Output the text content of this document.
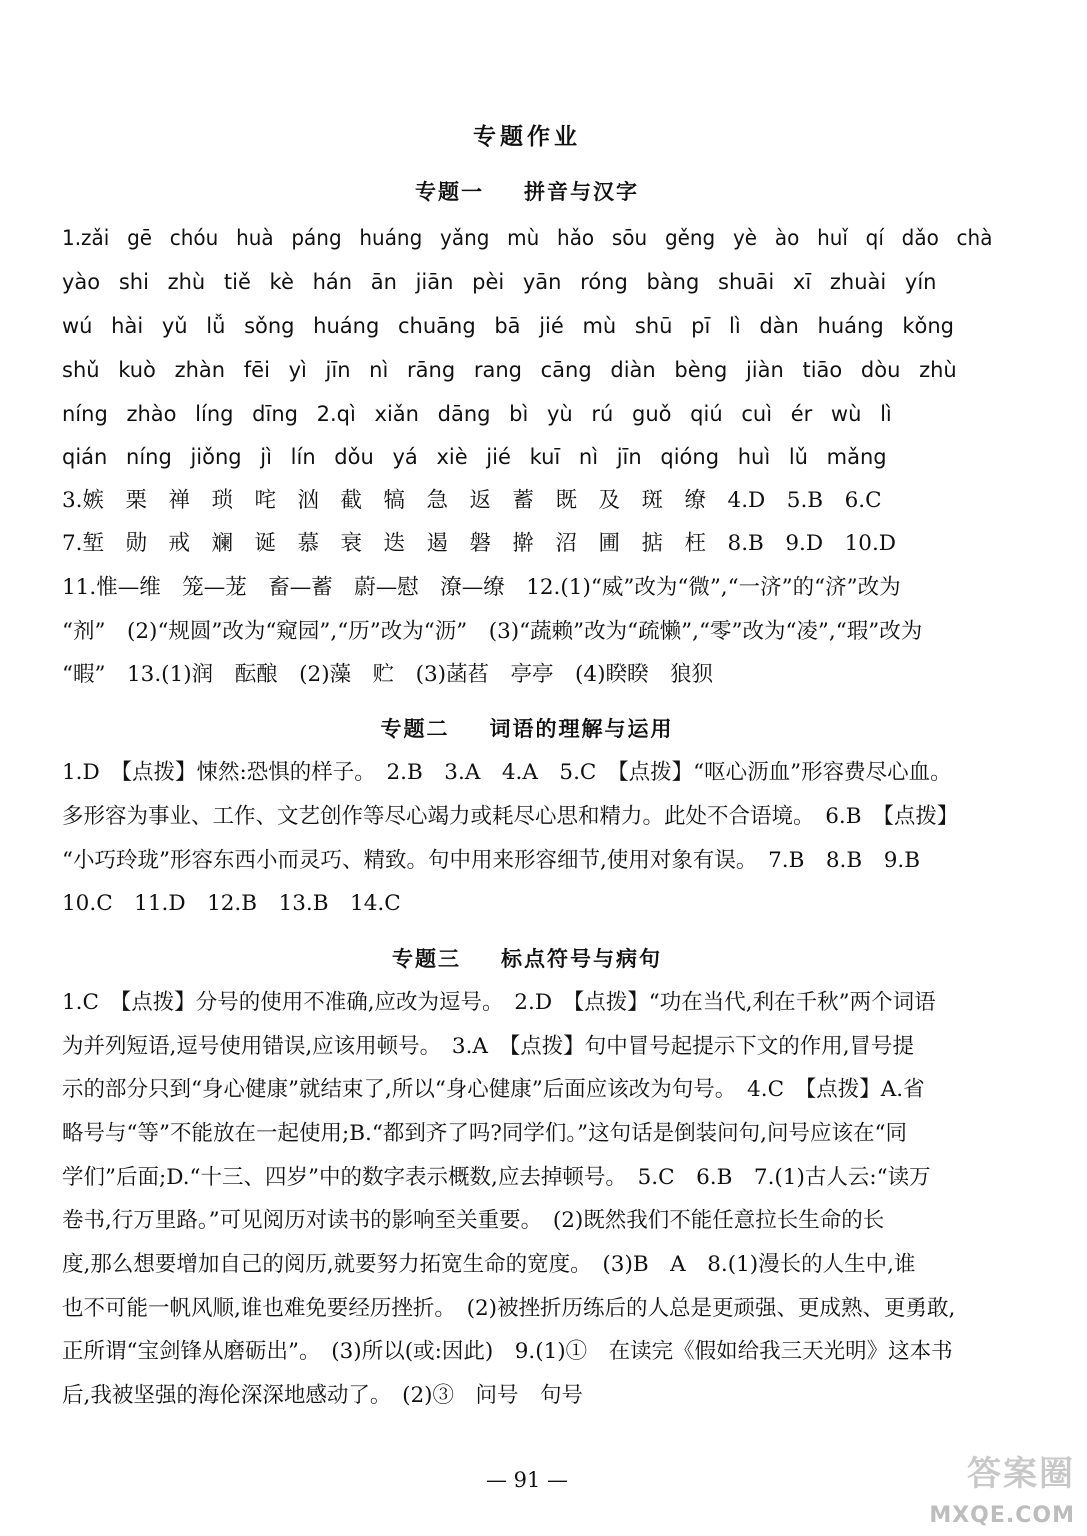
专题作业
专题一 拼音与汉字
1.zǎi gē chóu huà páng huáng yǎng mù hǎo sōu gěng yè ào huǐ qí dǎo chà
yào shi zhù tiě kè hán ān jiān pèi yān róng bàng shuāi xī zhuài yín
wú hài yǔ lǚ sǒng huáng chuāng bā jié mù shū pī lì dàn huáng kǒng
shǔ kuò zhàn fēi yì jīn nì rāng rang cāng diàn bèng jiàn tiāo dòu zhù
níng zhào líng dīng 2.qì xiǎn dāng bì yù rú guǒ qiú cuì ér wù lì
qián níng jiǒng jì lín dǒu yá xiè jié kuī nì jīn qióng huì lǔ mǎng
3.嫉　栗　禅　琐　咤　汹　截　犒　急　返　蓄　既　及　斑　缭　4.D　5.B　6.C
7.堑　勋　戒　斓　诞　慕　衰　迭　遏　磐　擀　沼　圃　掂　枉　8.B　9.D　10.D
11.惟—维　笼—茏　畜—蓄　蔚—慰　潦—缭　12.(1)“威”改为“微”,“一济”的“济”改为
“剂”　(2)“规圆”改为“窥园”,“历”改为“沥”　(3)“蔬赖”改为“疏懒”,“零”改为“凌”,“瑕”改为
“暇”　13.(1)润　酝酿　(2)藻　贮　(3)菡萏　亭亭　(4)睽睽　狼狈
专题二 词语的理解与运用
1.D　【点拨】悚然:恐惧的样子。　2.B　3.A　4.A　5.C　【点拨】“呕心沥血”形容费尽心血。
多形容为事业、工作、文艺创作等尽心竭力或耗尽心思和精力。此处不合语境。　6.B　【点拨】
“小巧玲珑”形容东西小而灵巧、精致。句中用来形容细节,使用对象有误。　7.B　8.B　9.B
10.C　11.D　12.B　13.B　14.C
专题三 标点符号与病句
1.C　【点拨】分号的使用不准确,应改为逗号。　2.D　【点拨】“功在当代,利在千秋”两个词语
为并列短语,逗号使用错误,应该用顿号。　3.A　【点拨】句中冒号起提示下文的作用,冒号提
示的部分只到“身心健康”就结束了,所以“身心健康”后面应该改为句号。　4.C　【点拨】A.省
略号与“等”不能放在一起使用;B.“都到齐了吗?同学们。”这句话是倒装问句,问号应该在“同
学们”后面;D.“十三、四岁”中的数字表示概数,应去掉顿号。　5.C　6.B　7.(1)古人云:“读万
卷书,行万里路。”可见阅历对读书的影响至关重要。　(2)既然我们不能任意拉长生命的长
度,那么想要增加自己的阅历,就要努力拓宽生命的宽度。　(3)B　A　8.(1)漫长的人生中,谁
也不可能一帆风顺,谁也难免要经历挫折。　(2)被挫折历练后的人总是更顽强、更成熟、更勇敢,
正所谓“宝剑锋从磨砺出”。　(3)所以(或:因此)　9.(1)①　在读完《假如给我三天光明》这本书
后,我被坚强的海伦深深地感动了。　(2)③　问号　句号
— 91 —	答案圈
MXQE.COM
